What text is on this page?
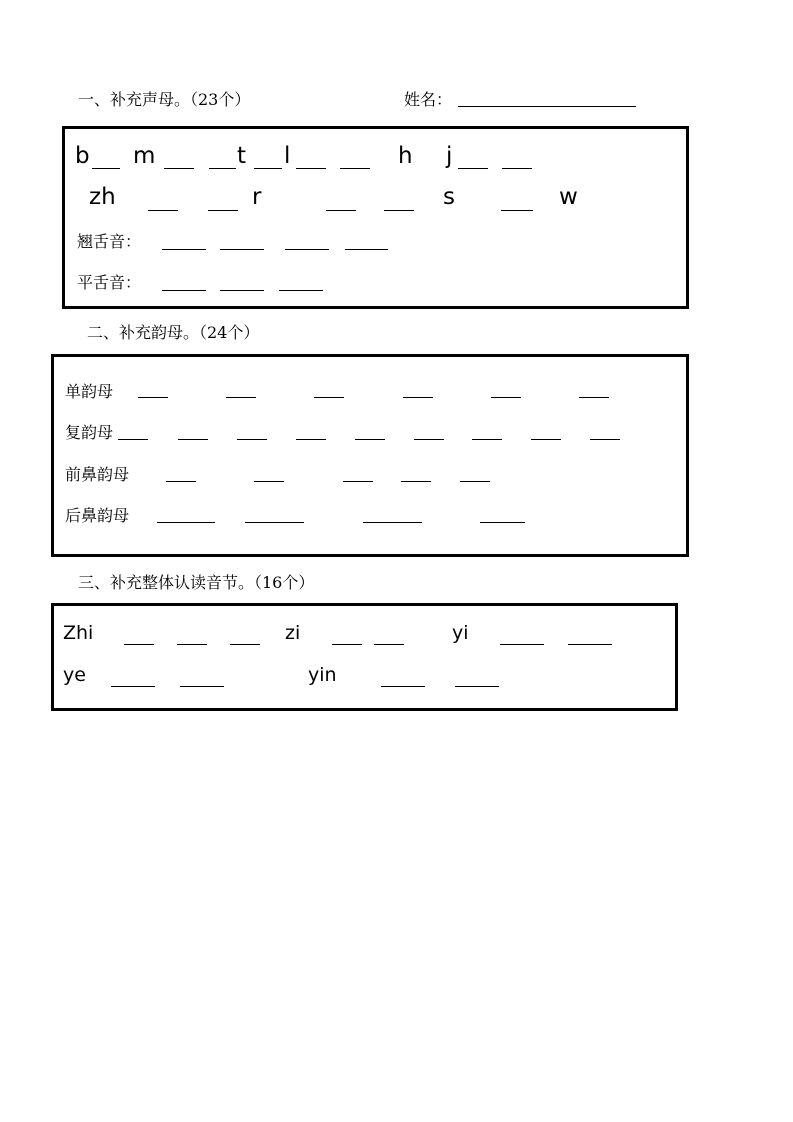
一、补充声母。（23个）	姓名：
b m	t l	h j
zh	r	s	w
翘舌音：
平舌音：
二、补充韵母。（24个）
单韵母
复韵母
前鼻韵母
后鼻韵母
三、补充整体认读音节。（16个）
Zhi	zi	yi
ye	yin
